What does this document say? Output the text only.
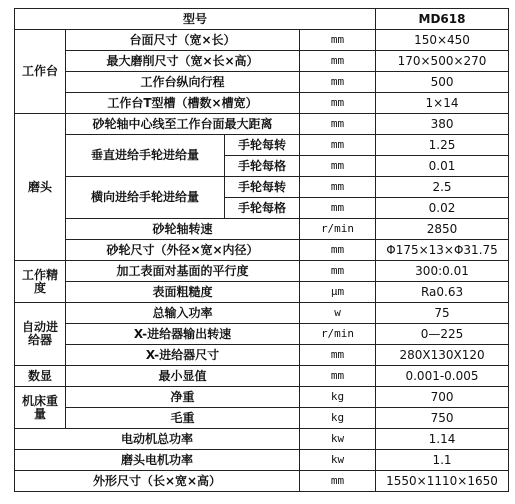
型号				MD618
工作台	台面尺寸（宽×长）		mm	150×450
	最大磨削尺寸（宽×长×高）		mm	170×500×270
	工作台纵向行程		mm	500
	工作台T型槽（槽数×槽宽）		mm	1×14
磨头	砂轮轴中心线至工作台面最大距离		mm	380
	垂直进给手轮进给量	手轮每转	mm	1.25
		手轮每格	mm	0.01
	横向进给手轮进给量	手轮每转	mm	2.5
		手轮每格	mm	0.02
	砂轮轴转速		r/min	2850
	砂轮尺寸（外径×宽×内径）		mm	Φ175×13×Φ31.75
工作精度	加工表面对基面的平行度		mm	300:0.01
	表面粗糙度		μm	Ra0.63
自动进给器	总输入功率		w	75
	X-进给器输出转速		r/min	0—225
	X-进给器尺寸		mm	280X130X120
数显	最小显值		mm	0.001-0.005
机床重量	净重		kg	700
	毛重		kg	750
电动机总功率			kw	1.14
磨头电机功率			kw	1.1
外形尺寸（长×宽×高）			mm	1550×1110×1650
